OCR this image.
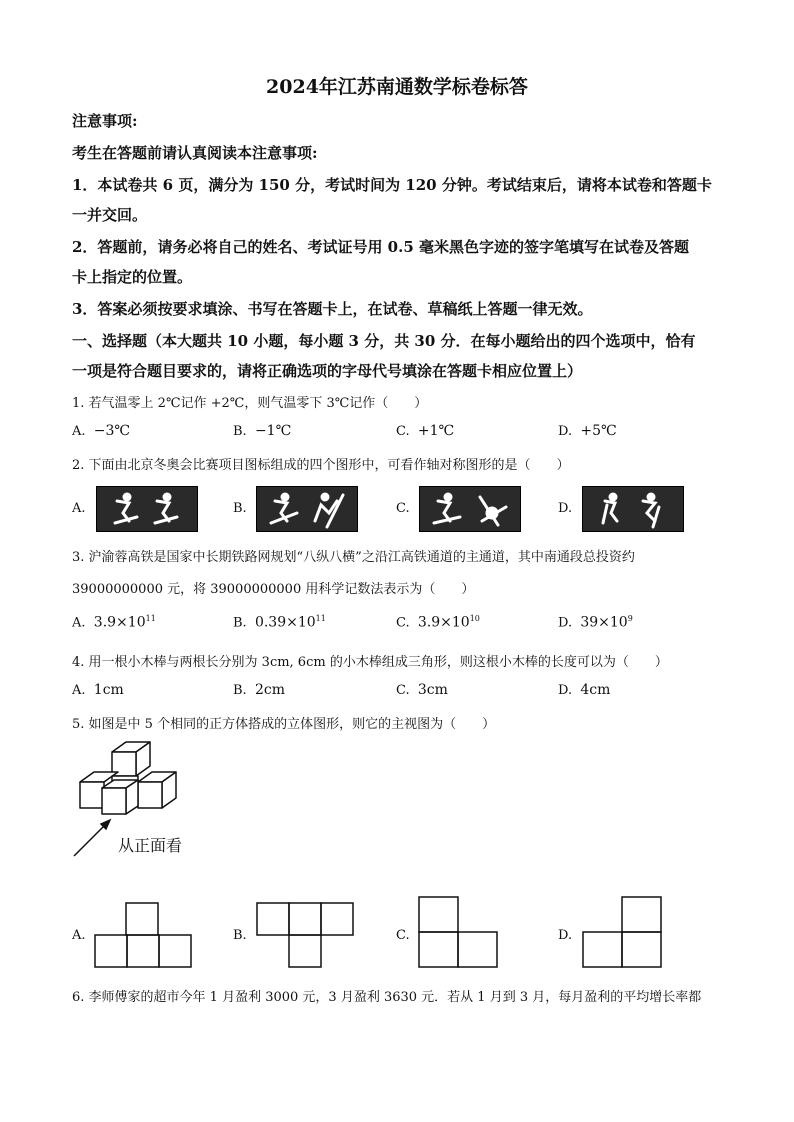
2024年江苏南通数学标卷标答
注意事项:
考生在答题前请认真阅读本注意事项:
1．本试卷共 6 页，满分为 150 分，考试时间为 120 分钟。考试结束后，请将本试卷和答题卡
一并交回。
2．答题前，请务必将自己的姓名、考试证号用 0.5 毫米黑色字迹的签字笔填写在试卷及答题
卡上指定的位置。
3．答案必须按要求填涂、书写在答题卡上，在试卷、草稿纸上答题一律无效。
一、选择题（本大题共 10 小题，每小题 3 分，共 30 分．在每小题给出的四个选项中，恰有
一项是符合题目要求的，请将正确选项的字母代号填涂在答题卡相应位置上）
1. 若气温零上 2℃记作 +2℃，则气温零下 3℃记作（　　）
A. −3℃	B. −1℃	C. +1℃	D. +5℃
2. 下面由北京冬奥会比赛项目图标组成的四个图形中，可看作轴对称图形的是（　　）
A.	B.	C.	D.
3. 沪渝蓉高铁是国家中长期铁路网规划“八纵八横”之沿江高铁通道的主通道，其中南通段总投资约
39000000000 元，将 39000000000 用科学记数法表示为（　　）
A. $3.9\times 10^{11}$	B. $0.39\times 10^{11}$	C. $3.9\times 10^{10}$	D. $39\times 10^9$
4. 用一根小木棒与两根长分别为 3cm, 6cm 的小木棒组成三角形，则这根小木棒的长度可以为（　　）
A. 1cm	B. 2cm	C. 3cm	D. 4cm
5. 如图是中 5 个相同的正方体搭成的立体图形，则它的主视图为（　　）
从正面看
A.	B.	C.	D.
6. 李师傅家的超市今年 1 月盈利 3000 元，3 月盈利 3630 元．若从 1 月到 3 月，每月盈利的平均增长率都
